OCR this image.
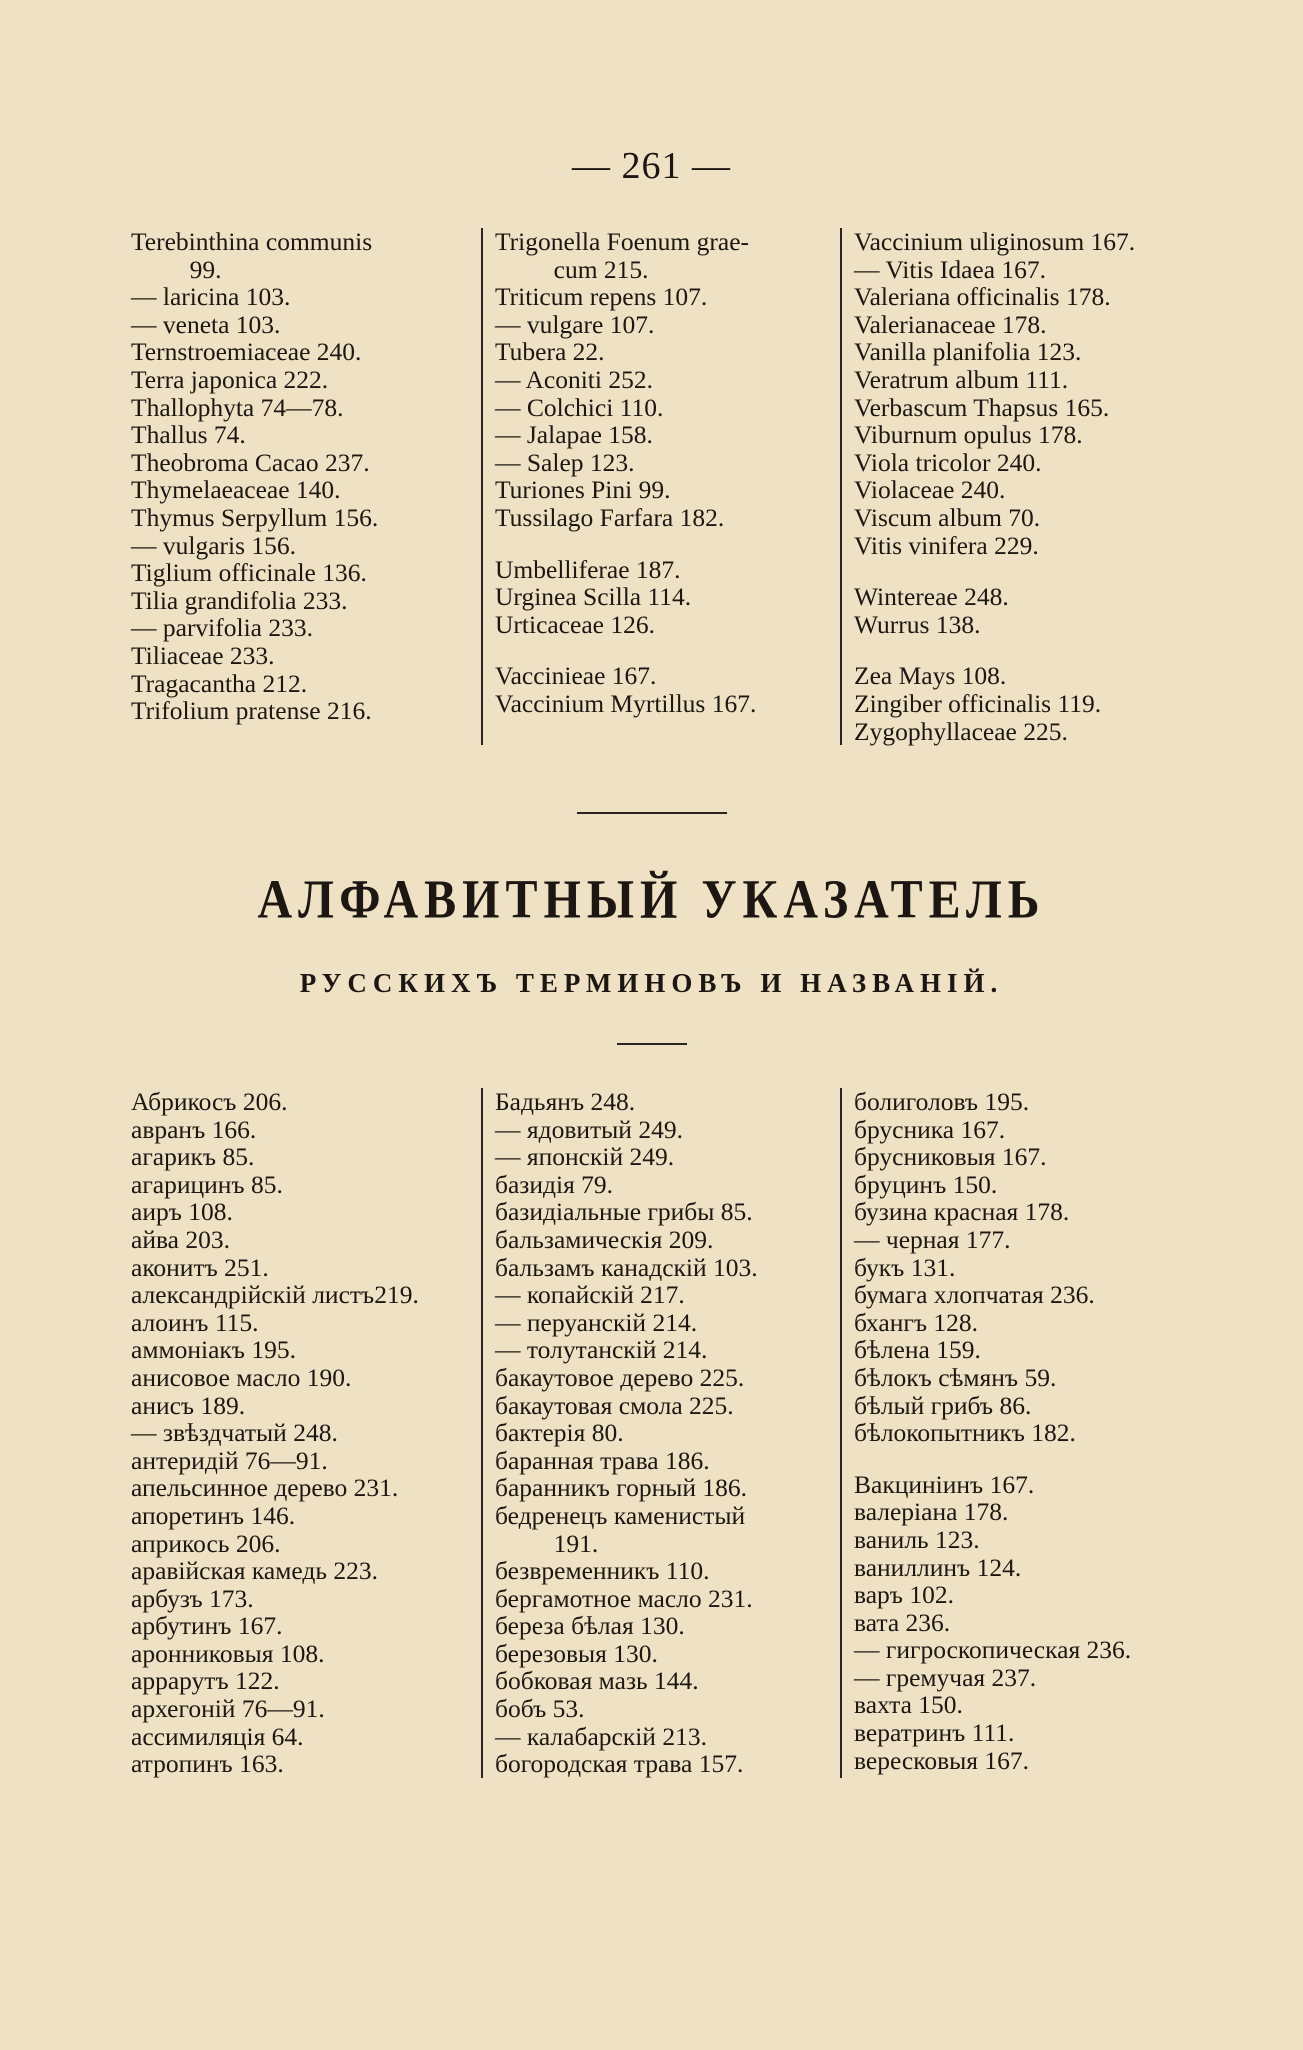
— 261 —
Terebinthina communis
99.
— laricina 103.
— veneta 103.
Ternstroemiaceae 240.
Terra japonica 222.
Thallophyta 74—78.
Thallus 74.
Theobroma Cacao 237.
Thymelaeaceae 140.
Thymus Serpyllum 156.
— vulgaris 156.
Tiglium officinale 136.
Tilia grandifolia 233.
— parvifolia 233.
Tiliaceae 233.
Tragacantha 212.
Trifolium pratense 216.
Trigonella Foenum grae-
cum 215.
Triticum repens 107.
— vulgare 107.
Tubera 22.
— Aconiti 252.
— Colchici 110.
— Jalapae 158.
— Salep 123.
Turiones Pini 99.
Tussilago Farfara 182.
Umbelliferae 187.
Urginea Scilla 114.
Urticaceae 126.
Vaccinieae 167.
Vaccinium Myrtillus 167.
Vaccinium uliginosum 167.
— Vitis Idaea 167.
Valeriana officinalis 178.
Valerianaceae 178.
Vanilla planifolia 123.
Veratrum album 111.
Verbascum Thapsus 165.
Viburnum opulus 178.
Viola tricolor 240.
Violaceae 240.
Viscum album 70.
Vitis vinifera 229.
Wintereae 248.
Wurrus 138.
Zea Mays 108.
Zingiber officinalis 119.
Zygophyllaceae 225.
АЛФАВИТНЫЙ УКАЗАТЕЛЬ
РУССКИХЪ ТЕРМИНОВЪ И НАЗВАНІЙ.
Абрикосъ 206.
авранъ 166.
агарикъ 85.
агарицинъ 85.
аиръ 108.
айва 203.
аконитъ 251.
александрійскій листъ219.
алоинъ 115.
аммоніакъ 195.
анисовое масло 190.
анисъ 189.
— звѣздчатый 248.
антеридій 76—91.
апельсинное дерево 231.
апоретинъ 146.
априкось 206.
аравійская камедь 223.
арбузъ 173.
арбутинъ 167.
аронниковыя 108.
аррарутъ 122.
архегоній 76—91.
ассимиляція 64.
атропинъ 163.
Бадьянъ 248.
— ядовитый 249.
— японскій 249.
базидія 79.
базидіальные грибы 85.
бальзамическія 209.
бальзамъ канадскій 103.
— копайскій 217.
— перуанскій 214.
— толутанскій 214.
бакаутовое дерево 225.
бакаутовая смола 225.
бактерія 80.
баранная трава 186.
баранникъ горный 186.
бедренецъ каменистый
191.
безвременникъ 110.
бергамотное масло 231.
береза бѣлая 130.
березовыя 130.
бобковая мазь 144.
бобъ 53.
— калабарскій 213.
богородская трава 157.
болиголовъ 195.
брусника 167.
брусниковыя 167.
бруцинъ 150.
бузина красная 178.
— черная 177.
букъ 131.
бумага хлопчатая 236.
бхангъ 128.
бѣлена 159.
бѣлокъ сѣмянъ 59.
бѣлый грибъ 86.
бѣлокопытникъ 182.
Вакциніинъ 167.
валеріана 178.
ваниль 123.
ваниллинъ 124.
варъ 102.
вата 236.
— гигроскопическая 236.
— гремучая 237.
вахта 150.
вератринъ 111.
вересковыя 167.
